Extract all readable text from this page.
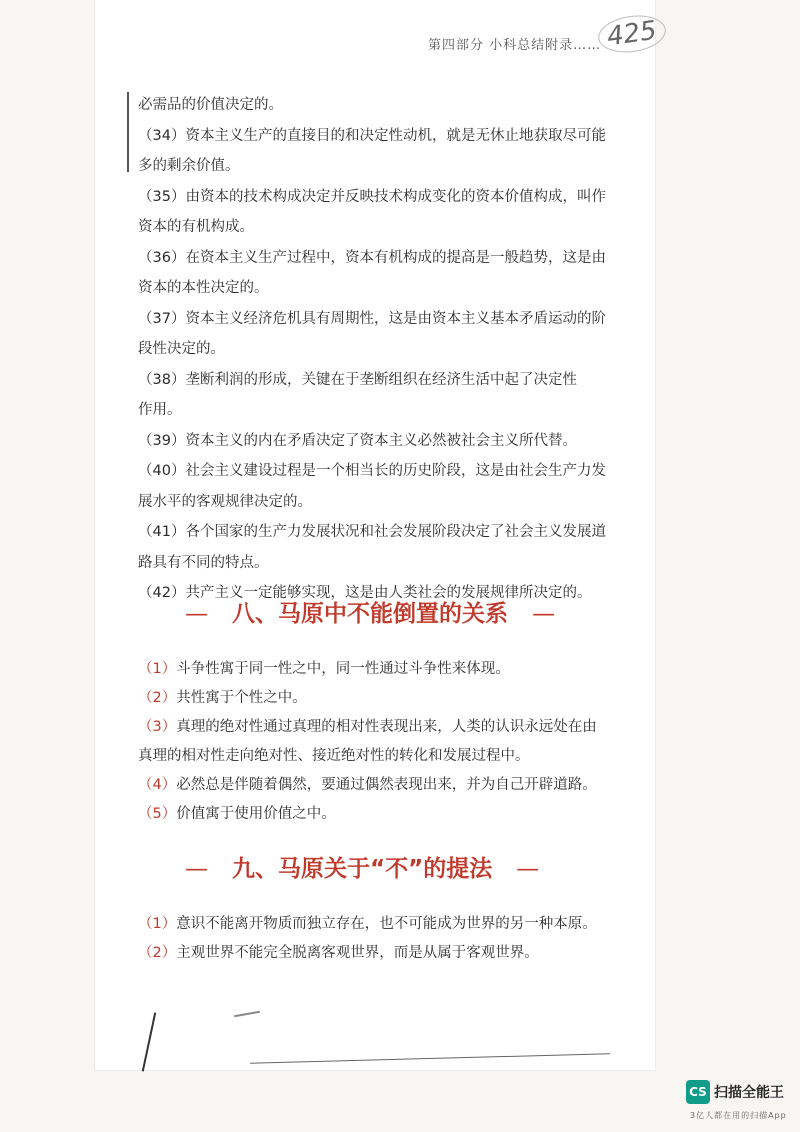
第四部分 小科总结附录…… 425
必需品的价值决定的。
（34）资本主义生产的直接目的和决定性动机，就是无休止地获取尽可能
多的剩余价值。
（35）由资本的技术构成决定并反映技术构成变化的资本价值构成，叫作
资本的有机构成。
（36）在资本主义生产过程中，资本有机构成的提高是一般趋势，这是由
资本的本性决定的。
（37）资本主义经济危机具有周期性，这是由资本主义基本矛盾运动的阶
段性决定的。
（38）垄断利润的形成，关键在于垄断组织在经济生活中起了决定性
作用。
（39）资本主义的内在矛盾决定了资本主义必然被社会主义所代替。
（40）社会主义建设过程是一个相当长的历史阶段，这是由社会生产力发
展水平的客观规律决定的。
（41）各个国家的生产力发展状况和社会发展阶段决定了社会主义发展道
路具有不同的特点。
（42）共产主义一定能够实现，这是由人类社会的发展规律所决定的。
— 八、马原中不能倒置的关系 —
（1）斗争性寓于同一性之中，同一性通过斗争性来体现。
（2）共性寓于个性之中。
（3）真理的绝对性通过真理的相对性表现出来，人类的认识永远处在由
真理的相对性走向绝对性、接近绝对性的转化和发展过程中。
（4）必然总是伴随着偶然，要通过偶然表现出来，并为自己开辟道路。
（5）价值寓于使用价值之中。
— 九、马原关于“不”的提法 —
（1）意识不能离开物质而独立存在，也不可能成为世界的另一种本原。
（2）主观世界不能完全脱离客观世界，而是从属于客观世界。
CS 扫描全能王
3亿人都在用的扫描App
